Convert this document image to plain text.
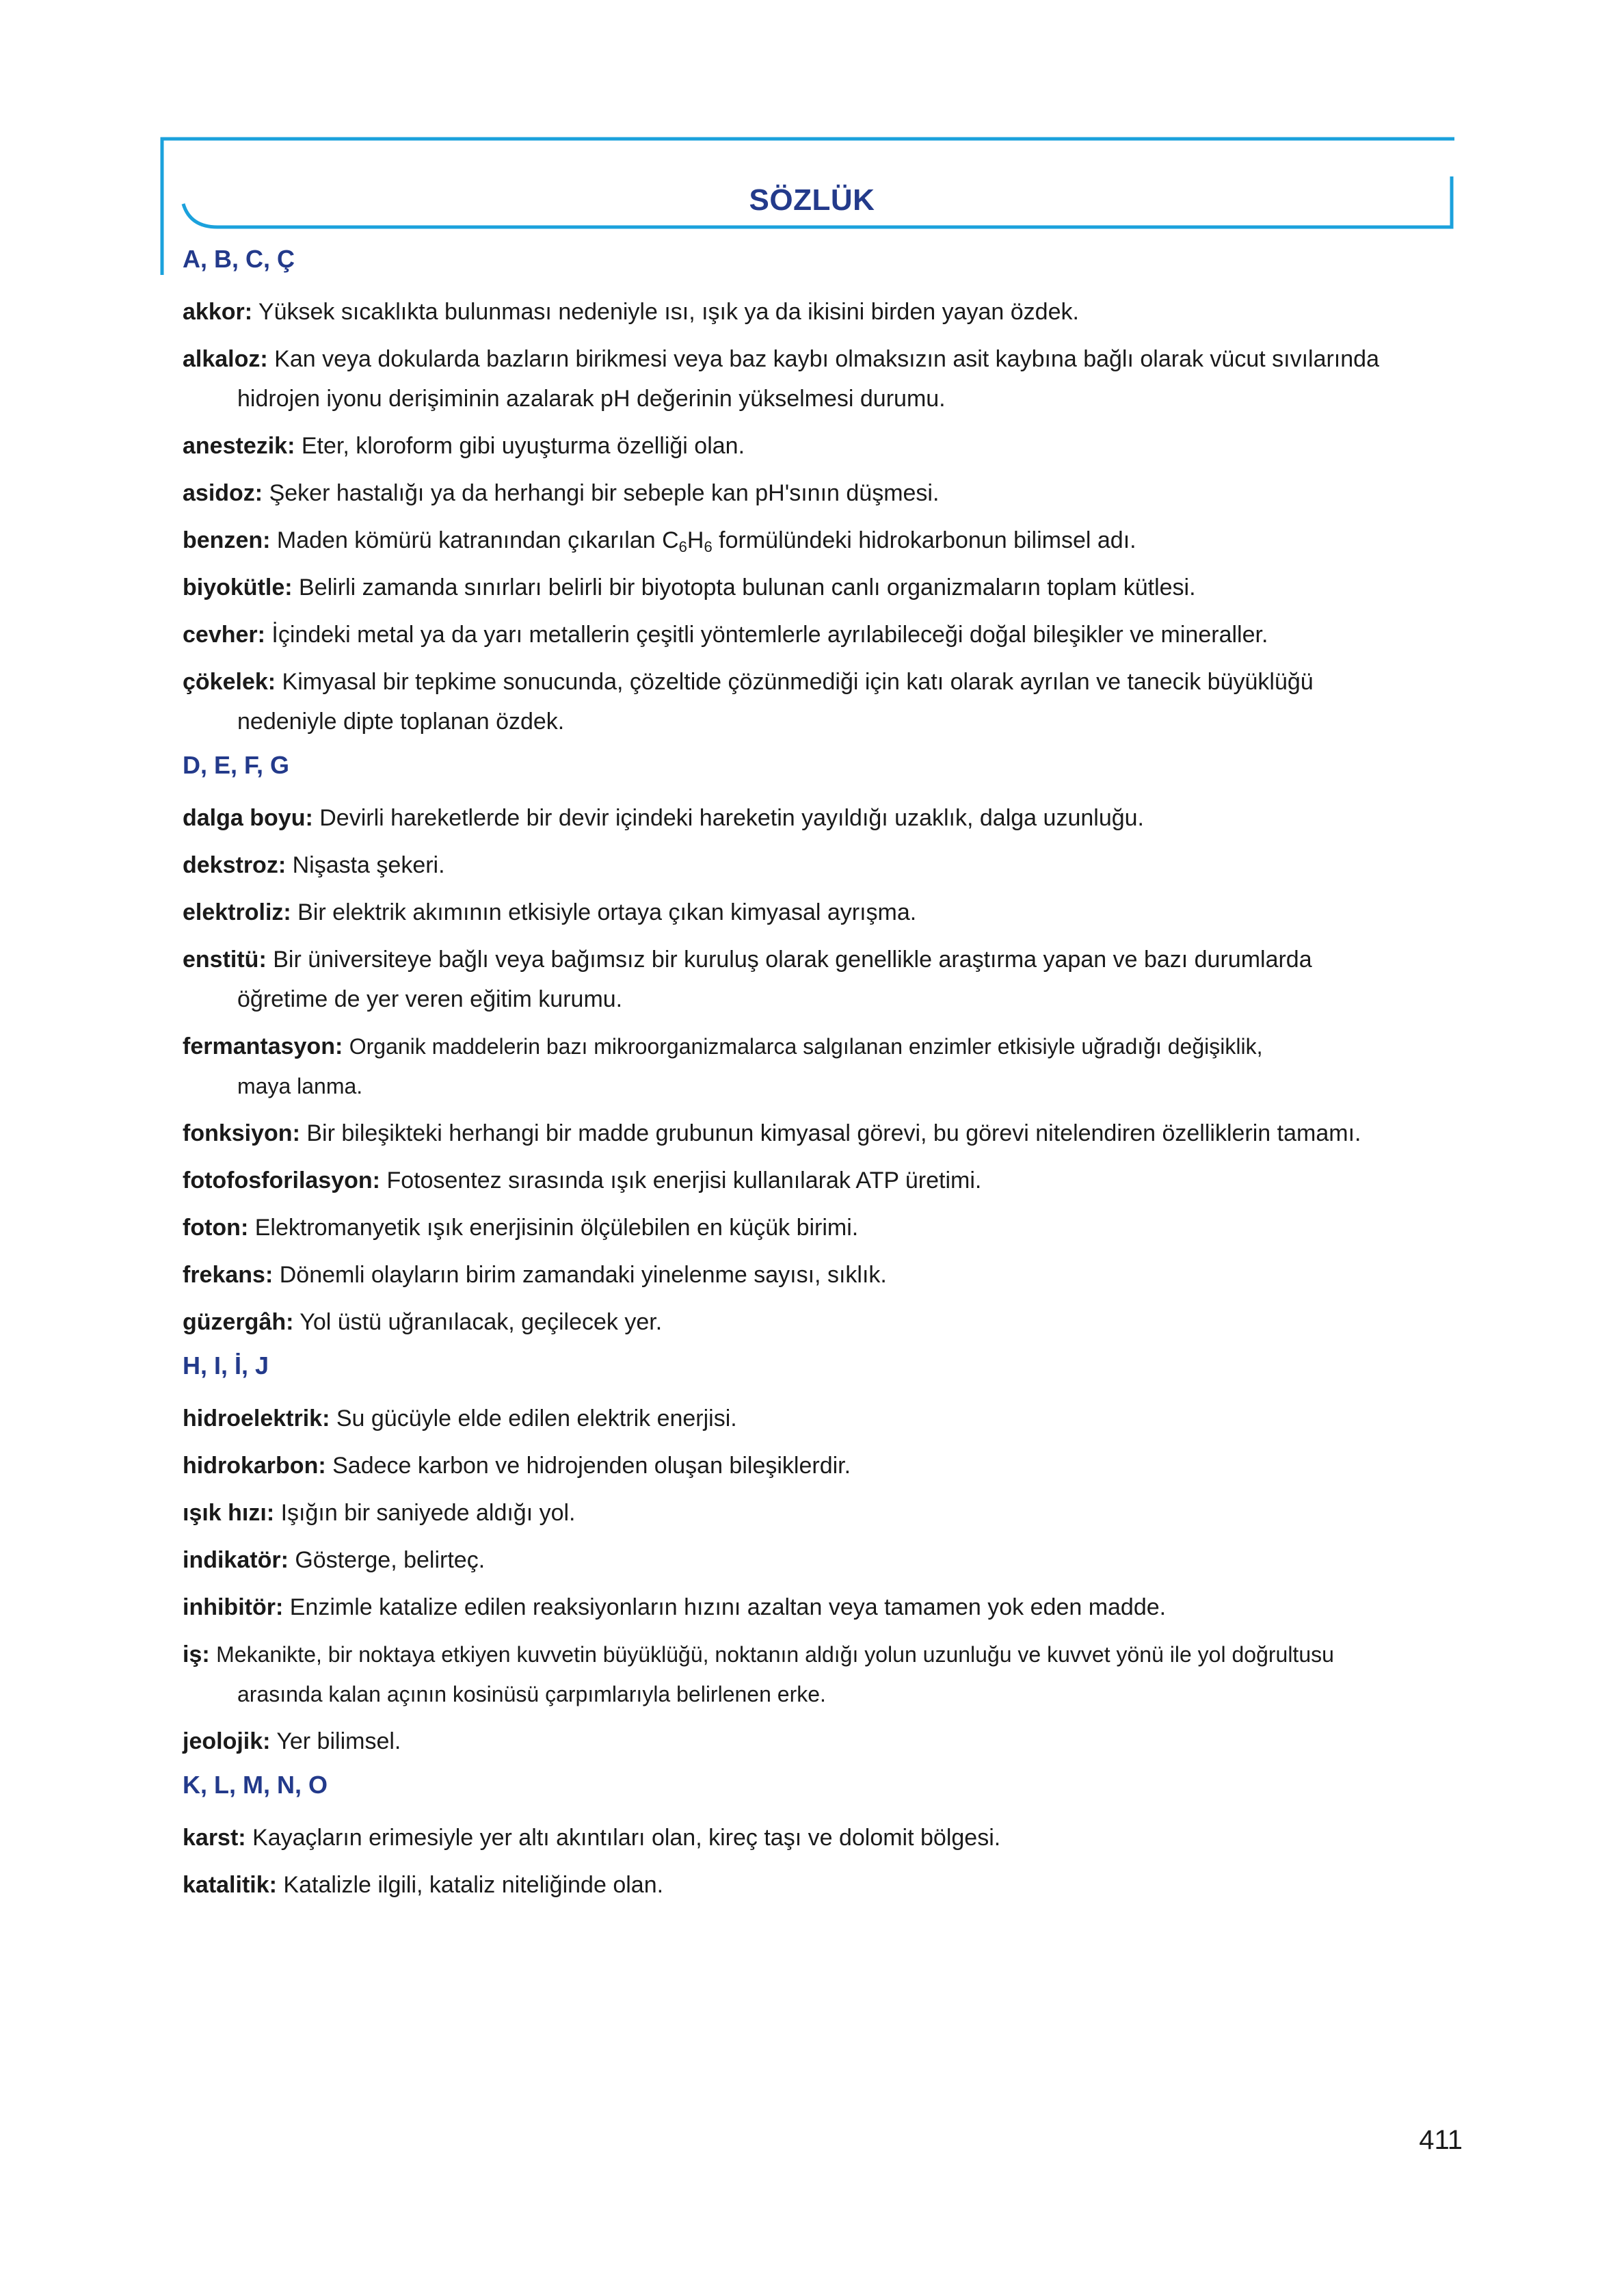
SÖZLÜK
A, B, C, Ç
akkor: Yüksek sıcaklıkta bulunması nedeniyle ısı, ışık ya da ikisini birden yayan özdek.
alkaloz: Kan veya dokularda bazların birikmesi veya baz kaybı olmaksızın asit kaybına bağlı olarak vücut sıvılarında
hidrojen iyonu derişiminin azalarak pH değerinin yükselmesi durumu.
anestezik: Eter, kloroform gibi uyuşturma özelliği olan.
asidoz: Şeker hastalığı ya da herhangi bir sebeple kan pH'sının düşmesi.
benzen: Maden kömürü katranından çıkarılan $C_6H_6$ formülündeki hidrokarbonun bilimsel adı.
biyokütle: Belirli zamanda sınırları belirli bir biyotopta bulunan canlı organizmaların toplam kütlesi.
cevher: İçindeki metal ya da yarı metallerin çeşitli yöntemlerle ayrılabileceği doğal bileşikler ve mineraller.
çökelek: Kimyasal bir tepkime sonucunda, çözeltide çözünmediği için katı olarak ayrılan ve tanecik büyüklüğü
nedeniyle dipte toplanan özdek.
D, E, F, G
dalga boyu: Devirli hareketlerde bir devir içindeki hareketin yayıldığı uzaklık, dalga uzunluğu.
dekstroz: Nişasta şekeri.
elektroliz: Bir elektrik akımının etkisiyle ortaya çıkan kimyasal ayrışma.
enstitü: Bir üniversiteye bağlı veya bağımsız bir kuruluş olarak genellikle araştırma yapan ve bazı durumlarda
öğretime de yer veren eğitim kurumu.
fermantasyon: Organik maddelerin bazı mikroorganizmalarca salgılanan enzimler etkisiyle uğradığı değişiklik,
maya lanma.
fonksiyon: Bir bileşikteki herhangi bir madde grubunun kimyasal görevi, bu görevi nitelendiren özelliklerin tamamı.
fotofosforilasyon: Fotosentez sırasında ışık enerjisi kullanılarak ATP üretimi.
foton: Elektromanyetik ışık enerjisinin ölçülebilen en küçük birimi.
frekans: Dönemli olayların birim zamandaki yinelenme sayısı, sıklık.
güzergâh: Yol üstü uğranılacak, geçilecek yer.
H, I, İ, J
hidroelektrik: Su gücüyle elde edilen elektrik enerjisi.
hidrokarbon: Sadece karbon ve hidrojenden oluşan bileşiklerdir.
ışık hızı: Işığın bir saniyede aldığı yol.
indikatör: Gösterge, belirteç.
inhibitör: Enzimle katalize edilen reaksiyonların hızını azaltan veya tamamen yok eden madde.
iş: Mekanikte, bir noktaya etkiyen kuvvetin büyüklüğü, noktanın aldığı yolun uzunluğu ve kuvvet yönü ile yol doğrultusu
arasında kalan açının kosinüsü çarpımlarıyla belirlenen erke.
jeolojik: Yer bilimsel.
K, L, M, N, O
karst: Kayaçların erimesiyle yer altı akıntıları olan, kireç taşı ve dolomit bölgesi.
katalitik: Katalizle ilgili, kataliz niteliğinde olan.
411
